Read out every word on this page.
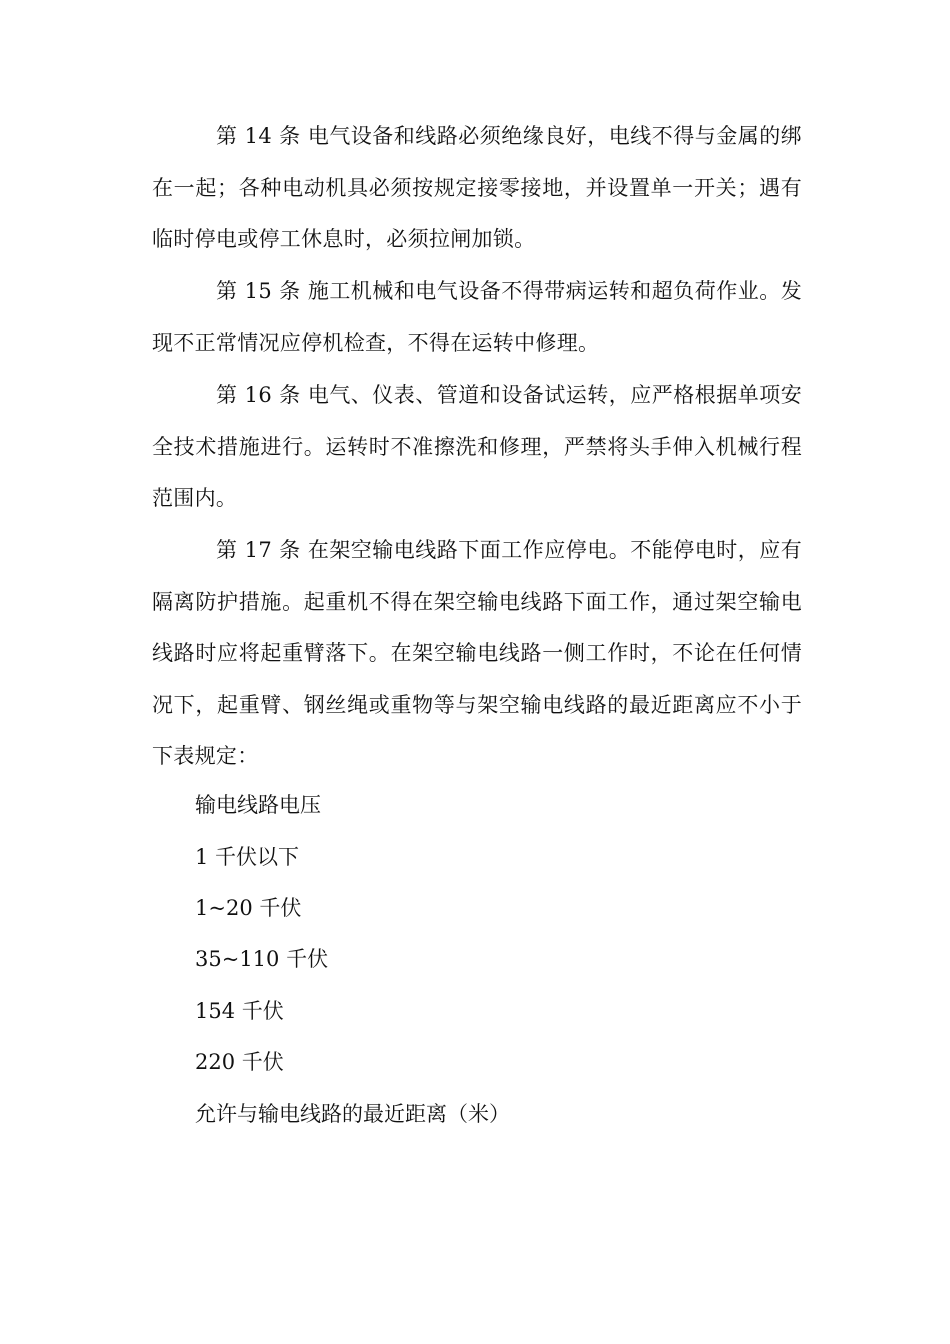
第 14 条 电气设备和线路必须绝缘良好，电线不得与金属的绑在一起；各种电动机具必须按规定接零接地，并设置单一开关；遇有临时停电或停工休息时，必须拉闸加锁。

第 15 条 施工机械和电气设备不得带病运转和超负荷作业。发现不正常情况应停机检查，不得在运转中修理。

第 16 条 电气、仪表、管道和设备试运转，应严格根据单项安全技术措施进行。运转时不准擦洗和修理，严禁将头手伸入机械行程范围内。

第 17 条 在架空输电线路下面工作应停电。不能停电时，应有隔离防护措施。起重机不得在架空输电线路下面工作，通过架空输电线路时应将起重臂落下。在架空输电线路一侧工作时，不论在任何情况下，起重臂、钢丝绳或重物等与架空输电线路的最近距离应不小于下表规定：

输电线路电压

1 千伏以下

1~20 千伏

35~110 千伏

154 千伏

220 千伏

允许与输电线路的最近距离（米）
